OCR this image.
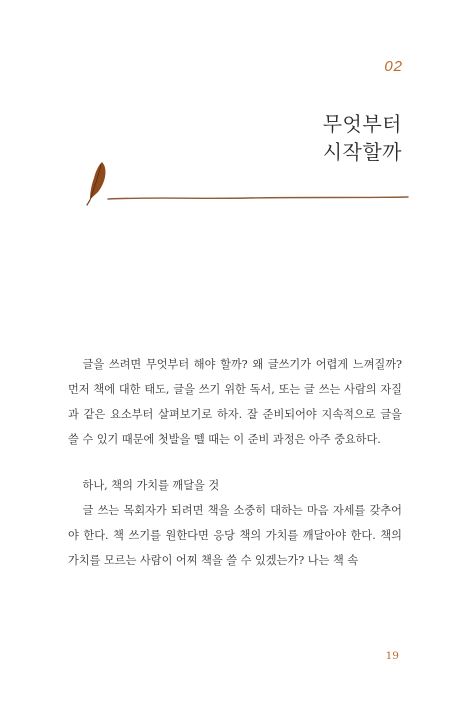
02
무엇부터
시작할까

글을 쓰려면 무엇부터 해야 할까? 왜 글쓰기가 어렵게 느껴질까? 먼저 책에 대한 태도, 글을 쓰기 위한 독서, 또는 글 쓰는 사람의 자질과 같은 요소부터 살펴보기로 하자. 잘 준비되어야 지속적으로 글을 쓸 수 있기 때문에 첫발을 뗄 때는 이 준비 과정은 아주 중요하다.

하나, 책의 가치를 깨달을 것

글 쓰는 목회자가 되려면 책을 소중히 대하는 마음 자세를 갖추어야 한다. 책 쓰기를 원한다면 응당 책의 가치를 깨달아야 한다. 책의 가치를 모르는 사람이 어찌 책을 쓸 수 있겠는가? 나는 책 속

19
